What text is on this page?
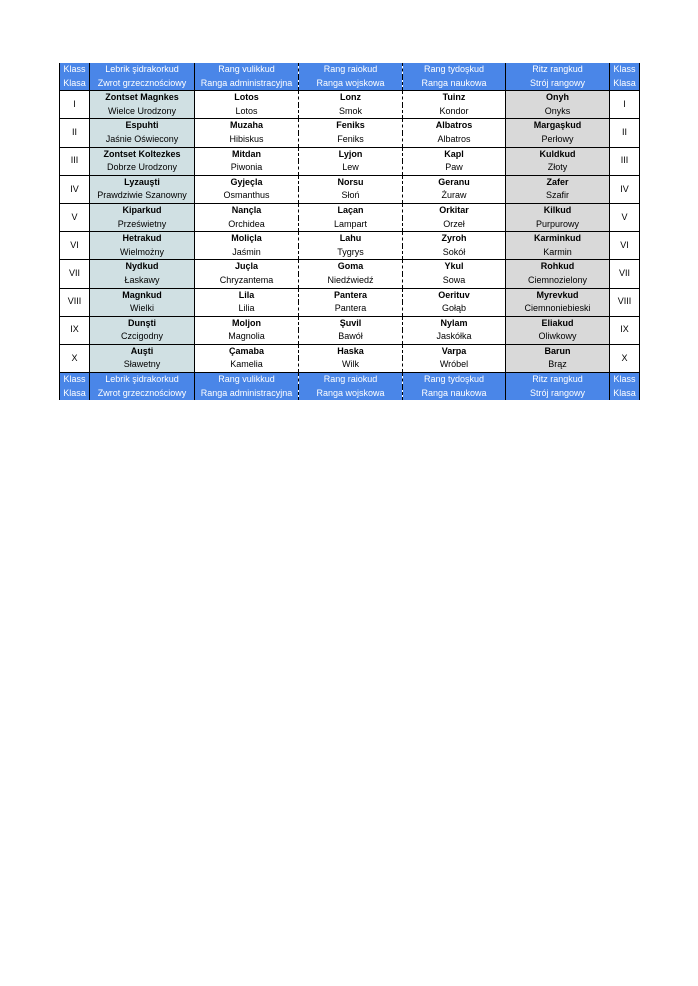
Klass	Lebrik şidrakorkud	Rang vulikkud	Rang raiokud	Rang tydoşkud	Ritz rangkud	Klass
Klasa	Zwrot grzecznościowy	Ranga administracyjna	Ranga wojskowa	Ranga naukowa	Strój rangowy	Klasa
I	Zontset Magnkes	Lotos	Lonz	Tuinz	Onyh	I
	Wielce Urodzony	Lotos	Smok	Kondor	Onyks	
II	Espuhti	Muzaha	Feniks	Albatros	Margaşkud	II
	Jaśnie Oświecony	Hibiskus	Feniks	Albatros	Perłowy	
III	Zontset Koltezkes	Mitdan	Lyjon	Kapl	Kuldkud	III
	Dobrze Urodzony	Piwonia	Lew	Paw	Złoty	
IV	Lyzauşti	Gyjeçla	Norsu	Geranu	Zafer	IV
	Prawdziwie Szanowny	Osmanthus	Słoń	Żuraw	Szafir	
V	Kiparkud	Nançla	Laçan	Orkitar	Kilkud	V
	Prześwietny	Orchidea	Lampart	Orzeł	Purpurowy	
VI	Hetrakud	Moliçla	Lahu	Zyroh	Karminkud	VI
	Wielmożny	Jaśmin	Tygrys	Sokół	Karmin	
VII	Nydkud	Juçla	Goma	Ykul	Rohkud	VII
	Łaskawy	Chryzantema	Niedźwiedź	Sowa	Ciemnozielony	
VIII	Magnkud	Lila	Pantera	Oerituv	Myrevkud	VIII
	Wielki	Lilia	Pantera	Gołąb	Ciemnoniebieski	
IX	Dunşti	Moljon	Şuvil	Nylam	Eliakud	IX
	Czcigodny	Magnolia	Bawół	Jaskółka	Oliwkowy	
X	Auşti	Çamaba	Haska	Varpa	Barun	X
	Sławetny	Kamelia	Wilk	Wróbel	Brąz	
Klass	Lebrik şidrakorkud	Rang vulikkud	Rang raiokud	Rang tydoşkud	Ritz rangkud	Klass
Klasa	Zwrot grzecznościowy	Ranga administracyjna	Ranga wojskowa	Ranga naukowa	Strój rangowy	Klasa
